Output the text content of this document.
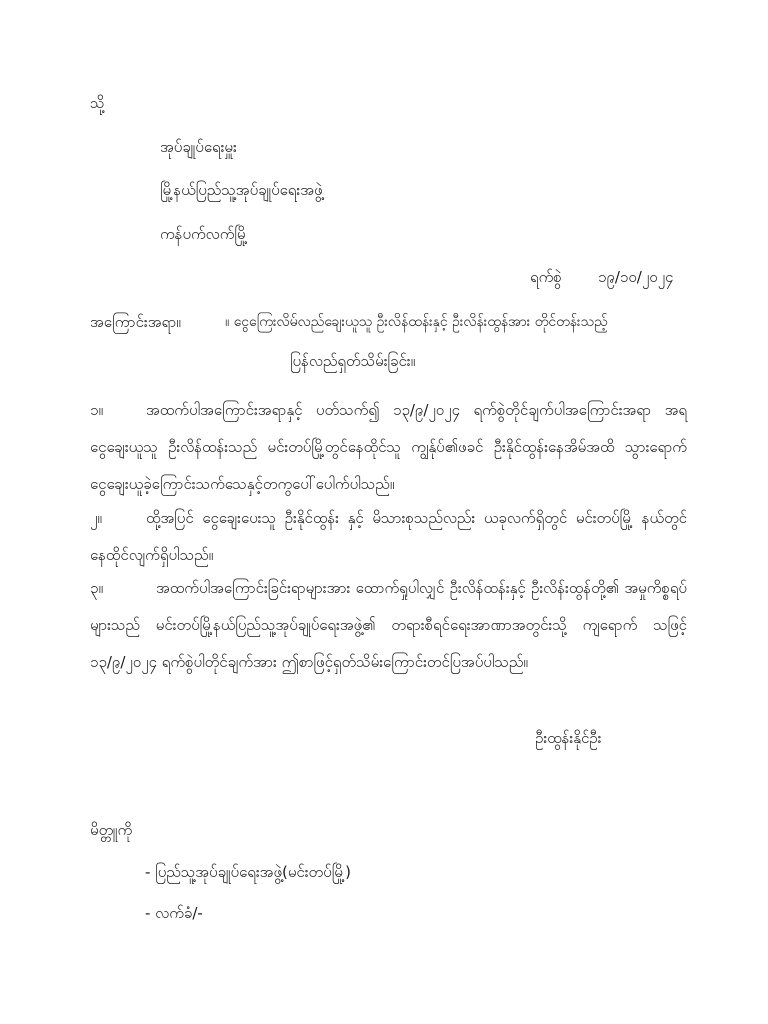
သို့
အုပ်ချုပ်ရေးမှူး
မြို့နယ်ပြည်သူ့အုပ်ချုပ်ရေးအဖွဲ့
ကန်ပက်လက်မြို့
ရက်စွဲ ၁၉/၁၀/၂၀၂၄
အကြောင်းအရာ။	။ ငွေကြေးလိမ်လည်ချေးယူသူ ဦးလိန်ထန်းနှင့် ဦးလိန်းထွန်အား တိုင်တန်းသည့်
ပြန်လည်ရှတ်သိမ်းခြင်း။
၁။	အထက်ပါအကြောင်းအရာနှင့် ပတ်သက်၍ ၁၃/၉/၂၀၂၄ ရက်စွဲတိုင်ချက်ပါအကြောင်းအရာ အရ ငွေချေးယူသူ ဦးလိန်ထန်းသည် မင်းတပ်မြို့တွင်နေထိုင်သူ ကျွန်ုပ်၏ဖခင် ဦးနိုင်ထွန်းနေအိမ်အထိ သွားရောက် ငွေချေးယူခဲ့ကြောင်းသက်သေနှင့်တကွပေါ်ပေါက်ပါသည်။
၂။	ထို့အပြင် ငွေချေးပေးသူ ဦးနိုင်ထွန်း နှင့် မိသားစုသည်လည်း ယခုလက်ရှိတွင် မင်းတပ်မြို့ နယ်တွင် နေထိုင်လျက်ရှိပါသည်။
၃။	အထက်ပါအကြောင်းခြင်းရာများအား ထောက်ရှုပါလျှင် ဦးလိန်ထန်းနှင့် ဦးလိန်းထွန်တို့၏ အမှုကိစ္စရပ်များသည် မင်းတပ်မြို့နယ်ပြည်သူ့အုပ်ချုပ်ရေးအဖွဲ့၏ တရားစီရင်ရေးအာဏာအတွင်းသို့ ကျရောက် သဖြင့် ၁၃/၉/၂၀၂၄ ရက်စွဲပါတိုင်ချက်အား ဤစာဖြင့်ရှတ်သိမ်းကြောင်းတင်ပြအပ်ပါသည်။
ဦးထွန်းနိုင်ဦး
မိတ္တူကို
- ပြည်သူ့အုပ်ချုပ်ရေးအဖွဲ့(မင်းတပ်မြို့)
- လက်ခံ/-
